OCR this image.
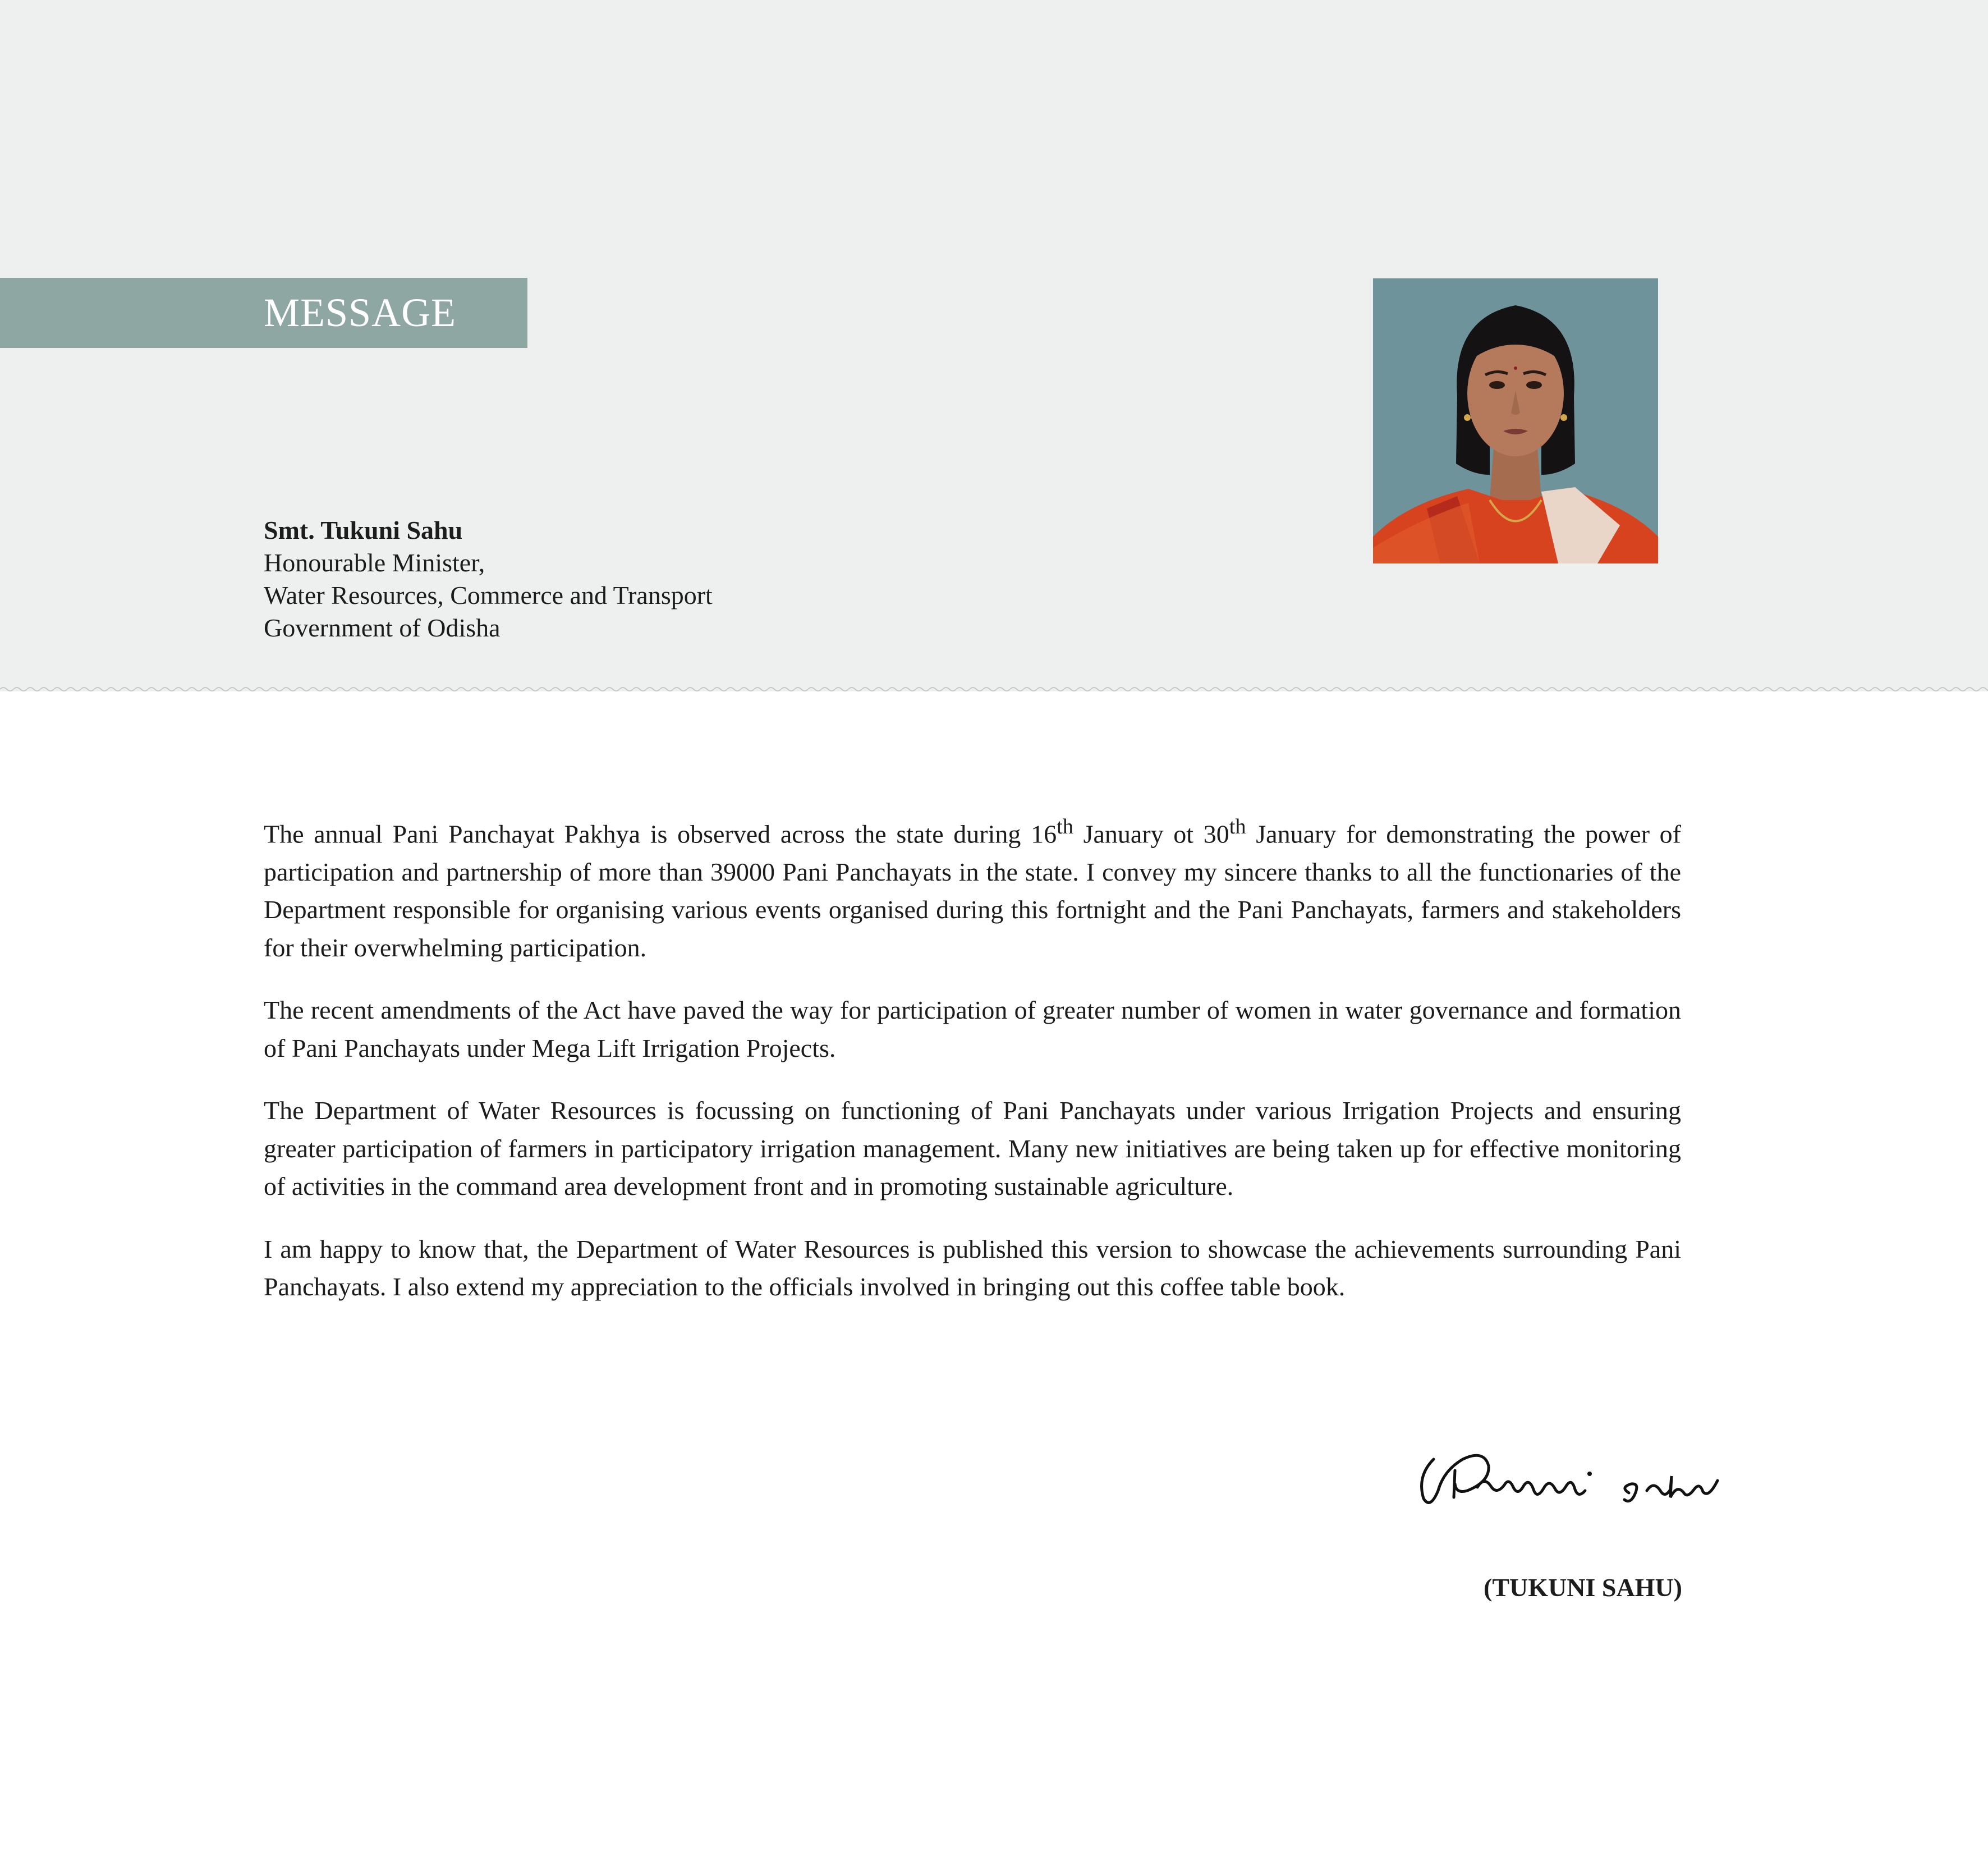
MESSAGE
Smt. Tukuni Sahu
Honourable Minister,
Water Resources, Commerce and Transport
Government of Odisha

The annual Pani Panchayat Pakhya is observed across the state during 16th January ot 30th January for demonstrating the power of participation and partnership of more than 39000 Pani Panchayats in the state. I convey my sincere thanks to all the functionaries of the Department responsible for organising various events organised during this fortnight and the Pani Panchayats, farmers and stakeholders for their overwhelming participation.

The recent amendments of the Act have paved the way for participation of greater number of women in water governance and formation of Pani Panchayats under Mega Lift Irrigation Projects.

The Department of Water Resources is focussing on functioning of Pani Panchayats under various Irrigation Projects and ensuring greater participation of farmers in participatory irrigation management. Many new initiatives are being taken up for effective monitoring of activities in the command area development front and in promoting sustainable agriculture.

I am happy to know that, the Department of Water Resources is published this version to showcase the achievements surrounding Pani Panchayats. I also extend my appreciation to the officials involved in bringing out this coffee table book.

(TUKUNI SAHU)
